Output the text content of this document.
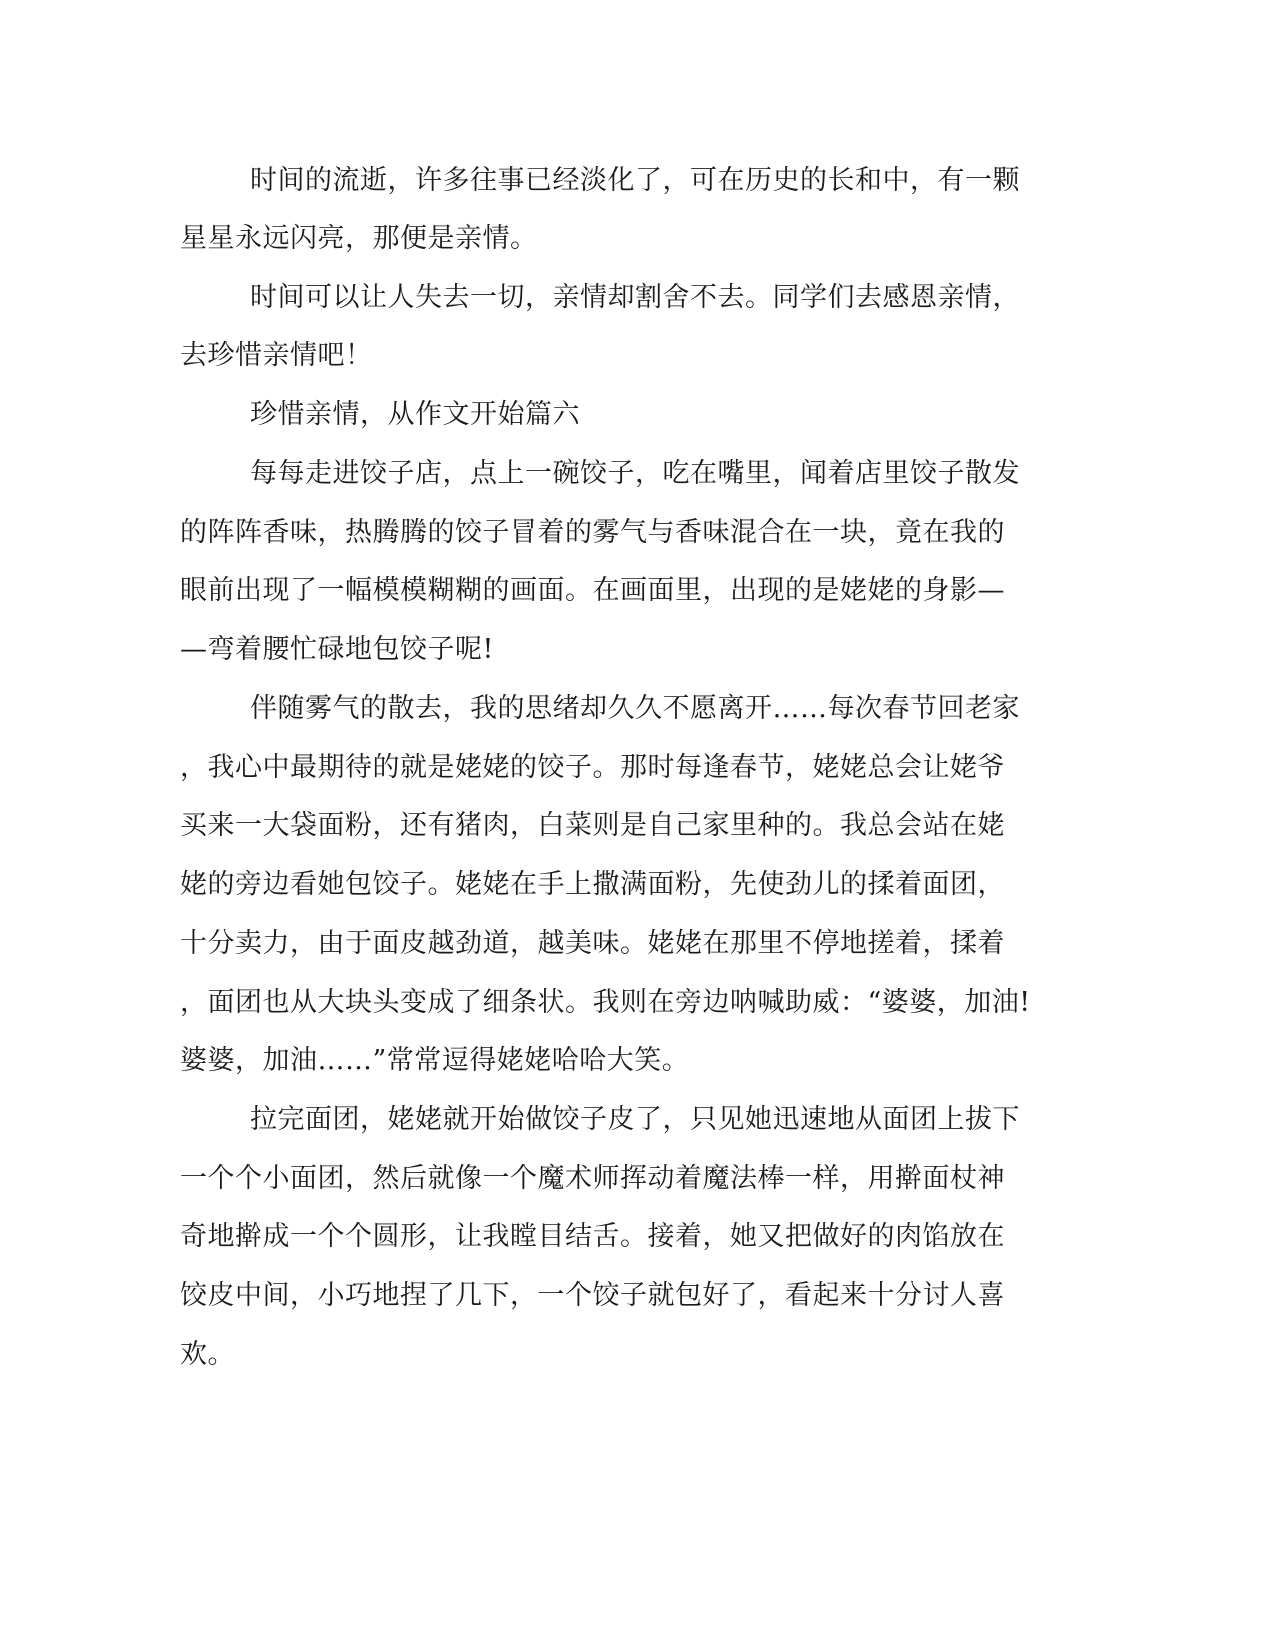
时间的流逝，许多往事已经淡化了，可在历史的长和中，有一颗
星星永远闪亮，那便是亲情。
时间可以让人失去一切，亲情却割舍不去。同学们去感恩亲情，
去珍惜亲情吧！
珍惜亲情，从作文开始篇六
每每走进饺子店，点上一碗饺子，吃在嘴里，闻着店里饺子散发
的阵阵香味，热腾腾的饺子冒着的雾气与香味混合在一块，竟在我的
眼前出现了一幅模模糊糊的画面。在画面里，出现的是姥姥的身影—
—弯着腰忙碌地包饺子呢!
伴随雾气的散去，我的思绪却久久不愿离开……每次春节回老家
，我心中最期待的就是姥姥的饺子。那时每逢春节，姥姥总会让姥爷
买来一大袋面粉，还有猪肉，白菜则是自己家里种的。我总会站在姥
姥的旁边看她包饺子。姥姥在手上撒满面粉，先使劲儿的揉着面团，
十分卖力，由于面皮越劲道，越美味。姥姥在那里不停地搓着，揉着
，面团也从大块头变成了细条状。我则在旁边呐喊助威：“婆婆，加油!
婆婆，加油……”常常逗得姥姥哈哈大笑。
拉完面团，姥姥就开始做饺子皮了，只见她迅速地从面团上拔下
一个个小面团，然后就像一个魔术师挥动着魔法棒一样，用擀面杖神
奇地擀成一个个圆形，让我瞠目结舌。接着，她又把做好的肉馅放在
饺皮中间，小巧地捏了几下，一个饺子就包好了，看起来十分讨人喜
欢。
